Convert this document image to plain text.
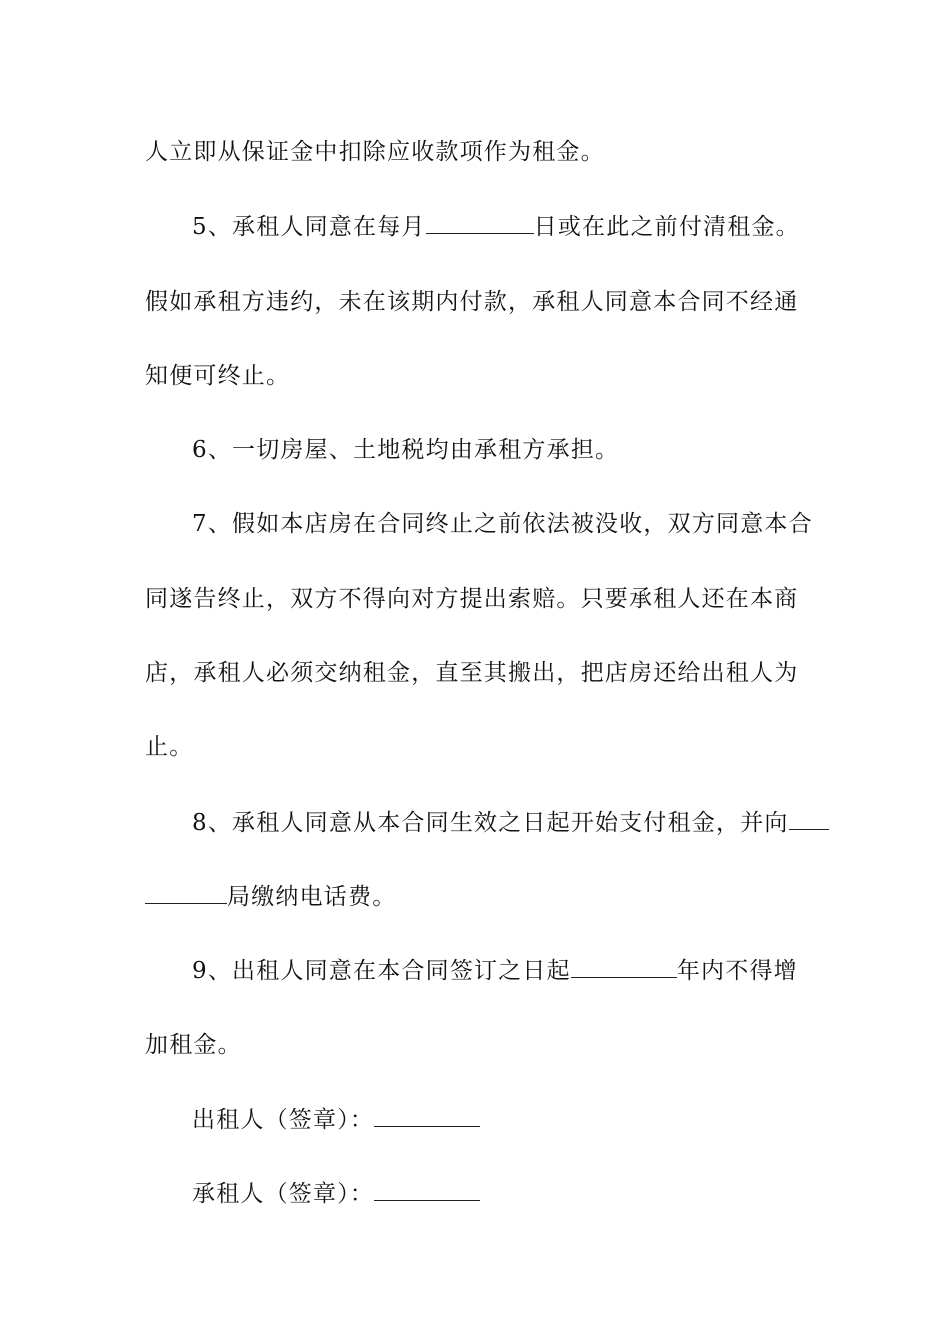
人立即从保证金中扣除应收款项作为租金。
5、承租人同意在每月	日或在此之前付清租金。
假如承租方违约，未在该期内付款，承租人同意本合同不经通
知便可终止。
6、一切房屋、土地税均由承租方承担。
7、假如本店房在合同终止之前依法被没收，双方同意本合
同遂告终止，双方不得向对方提出索赔。只要承租人还在本商
店，承租人必须交纳租金，直至其搬出，把店房还给出租人为
止。
8、承租人同意从本合同生效之日起开始支付租金，并向
局缴纳电话费。
9、出租人同意在本合同签订之日起	年内不得增
加租金。
出租人（签章）：
承租人（签章）：
